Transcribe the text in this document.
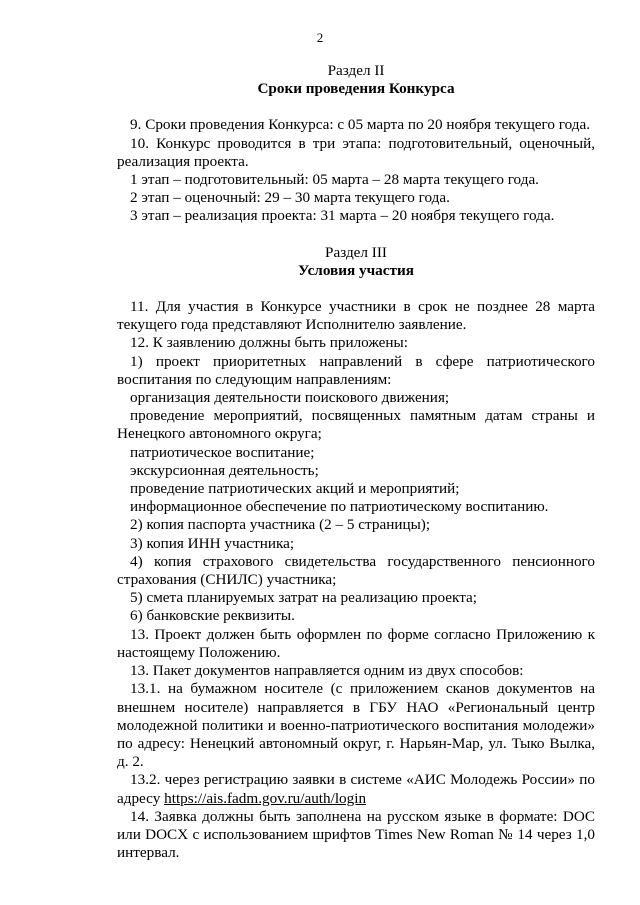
2

Раздел II

Сроки проведения Конкурса

9. Сроки проведения Конкурса: с 05 марта по 20 ноября текущего года.

10. Конкурс проводится в три этапа: подготовительный, оценочный, реализация проекта.

1 этап – подготовительный: 05 марта – 28 марта текущего года.

2 этап – оценочный: 29 – 30 марта текущего года.

3 этап – реализация проекта: 31 марта – 20 ноября текущего года.

Раздел III

Условия участия

11. Для участия в Конкурсе участники в срок не позднее 28 марта текущего года представляют Исполнителю заявление.

12. К заявлению должны быть приложены:

1) проект приоритетных направлений в сфере патриотического воспитания по следующим направлениям:

организация деятельности поискового движения;

проведение мероприятий, посвященных памятным датам страны и Ненецкого автономного округа;

патриотическое воспитание;

экскурсионная деятельность;

проведение патриотических акций и мероприятий;

информационное обеспечение по патриотическому воспитанию.

2) копия паспорта участника (2 – 5 страницы);

3) копия ИНН участника;

4) копия страхового свидетельства государственного пенсионного страхования (СНИЛС) участника;

5) смета планируемых затрат на реализацию проекта;

6) банковские реквизиты.

13. Проект должен быть оформлен по форме согласно Приложению к настоящему Положению.

13. Пакет документов направляется одним из двух способов:

13.1. на бумажном носителе (с приложением сканов документов на внешнем носителе) направляется в ГБУ НАО «Региональный центр молодежной политики и военно-патриотического воспитания молодежи» по адресу: Ненецкий автономный округ, г. Нарьян-Мар, ул. Тыко Вылка, д. 2.

13.2. через регистрацию заявки в системе «АИС Молодежь России» по адресу https://ais.fadm.gov.ru/auth/login

14. Заявка должны быть заполнена на русском языке в формате: DOC или DOCX с использованием шрифтов Times New Roman № 14 через 1,0 интервал.
